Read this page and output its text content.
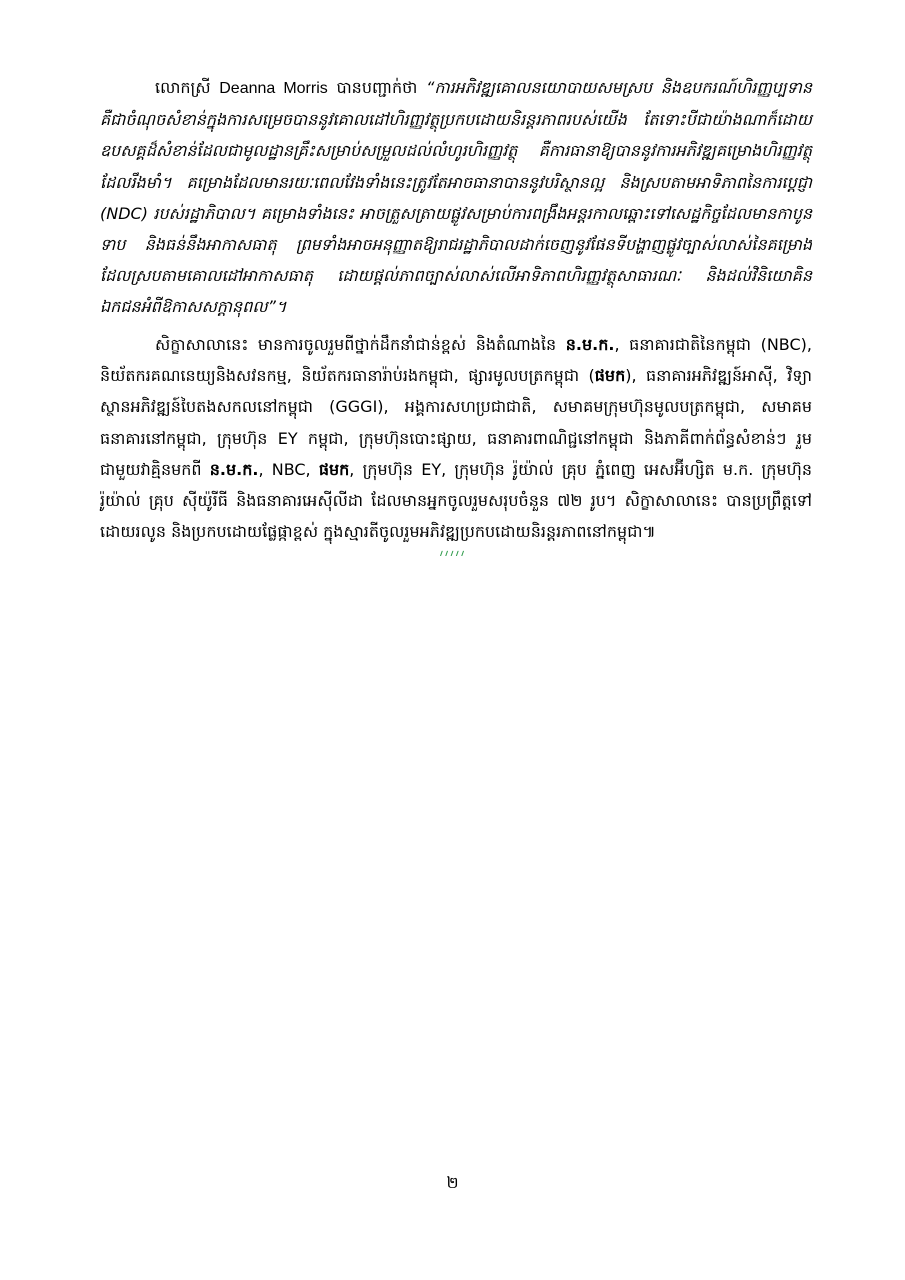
លោកស្រី Deanna Morris បានបញ្ជាក់ថា “ការអភិវឌ្ឍគោលនយោបាយសមស្រប និងឧបករណ៍ហិរញ្ញប្បទានគឺជាចំណុចសំខាន់ក្នុងការសម្រេចបាននូវគោលដៅហិរញ្ញវត្ថុប្រកបដោយនិរន្តរភាពរបស់យើង តែទោះបីជាយ៉ាងណាក៏ដោយ ឧបសគ្គដ៏សំខាន់ដែលជាមូលដ្ឋានគ្រឹះសម្រាប់សម្រួលដល់លំហូរហិរញ្ញវត្ថុ គឺការធានាឱ្យបាននូវការអភិវឌ្ឍគម្រោងហិរញ្ញវត្ថុដែលរឹងមាំ។ គម្រោងដែលមានរយៈពេលវែងទាំងនេះត្រូវតែអាចធានាបាននូវបរិស្ថានល្អ និងស្របតាមអាទិភាពនៃការប្តេជ្ញា (NDC) របស់រដ្ឋាភិបាល។ គម្រោងទាំងនេះ អាចត្រួសត្រាយផ្លូវសម្រាប់ការពង្រឹងអន្តរកាលឆ្ពោះទៅសេដ្ឋកិច្ចដែលមានកាបូនទាប និងធន់នឹងអាកាសធាតុ ព្រមទាំងអាចអនុញ្ញាតឱ្យរាជរដ្ឋាភិបាលដាក់ចេញនូវផែនទីបង្ហាញផ្លូវច្បាស់លាស់នៃគម្រោងដែលស្របតាមគោលដៅអាកាសធាតុ ដោយផ្តល់ភាពច្បាស់លាស់លើអាទិភាពហិរញ្ញវត្ថុសាធារណៈ និងដល់វិនិយោគិនឯកជនអំពីឱកាសសក្តានុពល”។

សិក្ខាសាលានេះ មានការចូលរួមពីថ្នាក់ដឹកនាំជាន់ខ្ពស់ និងតំណាងនៃ ន.ម.ក., ធនាគារជាតិនៃកម្ពុជា (NBC), និយ័តករគណនេយ្យនិងសវនកម្ម, និយ័តករធានារ៉ាប់រងកម្ពុជា, ផ្សារមូលបត្រកម្ពុជា (ផមក), ធនាគារអភិវឌ្ឍន៍អាស៊ី, វិទ្យាស្ថានអភិវឌ្ឍន៍បៃតងសកលនៅកម្ពុជា (GGGI), អង្គការសហប្រជាជាតិ, សមាគមក្រុមហ៊ុនមូលបត្រកម្ពុជា, សមាគមធនាគារនៅកម្ពុជា, ក្រុមហ៊ុន EY កម្ពុជា, ក្រុមហ៊ុនបោះផ្សាយ, ធនាគារពាណិជ្ជនៅកម្ពុជា និងភាគីពាក់ព័ន្ធសំខាន់ៗ រួមជាមួយវាគ្មិនមកពី ន.ម.ក., NBC, ផមក, ក្រុមហ៊ុន EY, ក្រុមហ៊ុន រ៉ូយ៉ាល់ គ្រុប ភ្នំពេញ អេសអ៊ីហ្សិត ម.ក. ក្រុមហ៊ុន រ៉ូយ៉ាល់ គ្រុប ស៊ីយ៉ូរីធី និងធនាគារអេស៊ីលីដា ដែលមានអ្នកចូលរួមសរុបចំនួន ៧២ រូប។ សិក្ខាសាលានេះ បានប្រព្រឹត្តទៅដោយរលូន និងប្រកបដោយផ្លែផ្កាខ្ពស់ ក្នុងស្មារតីចូលរួមអភិវឌ្ឍប្រកបដោយនិរន្តរភាពនៅកម្ពុជា៕

៸៸៸៸៸
២
